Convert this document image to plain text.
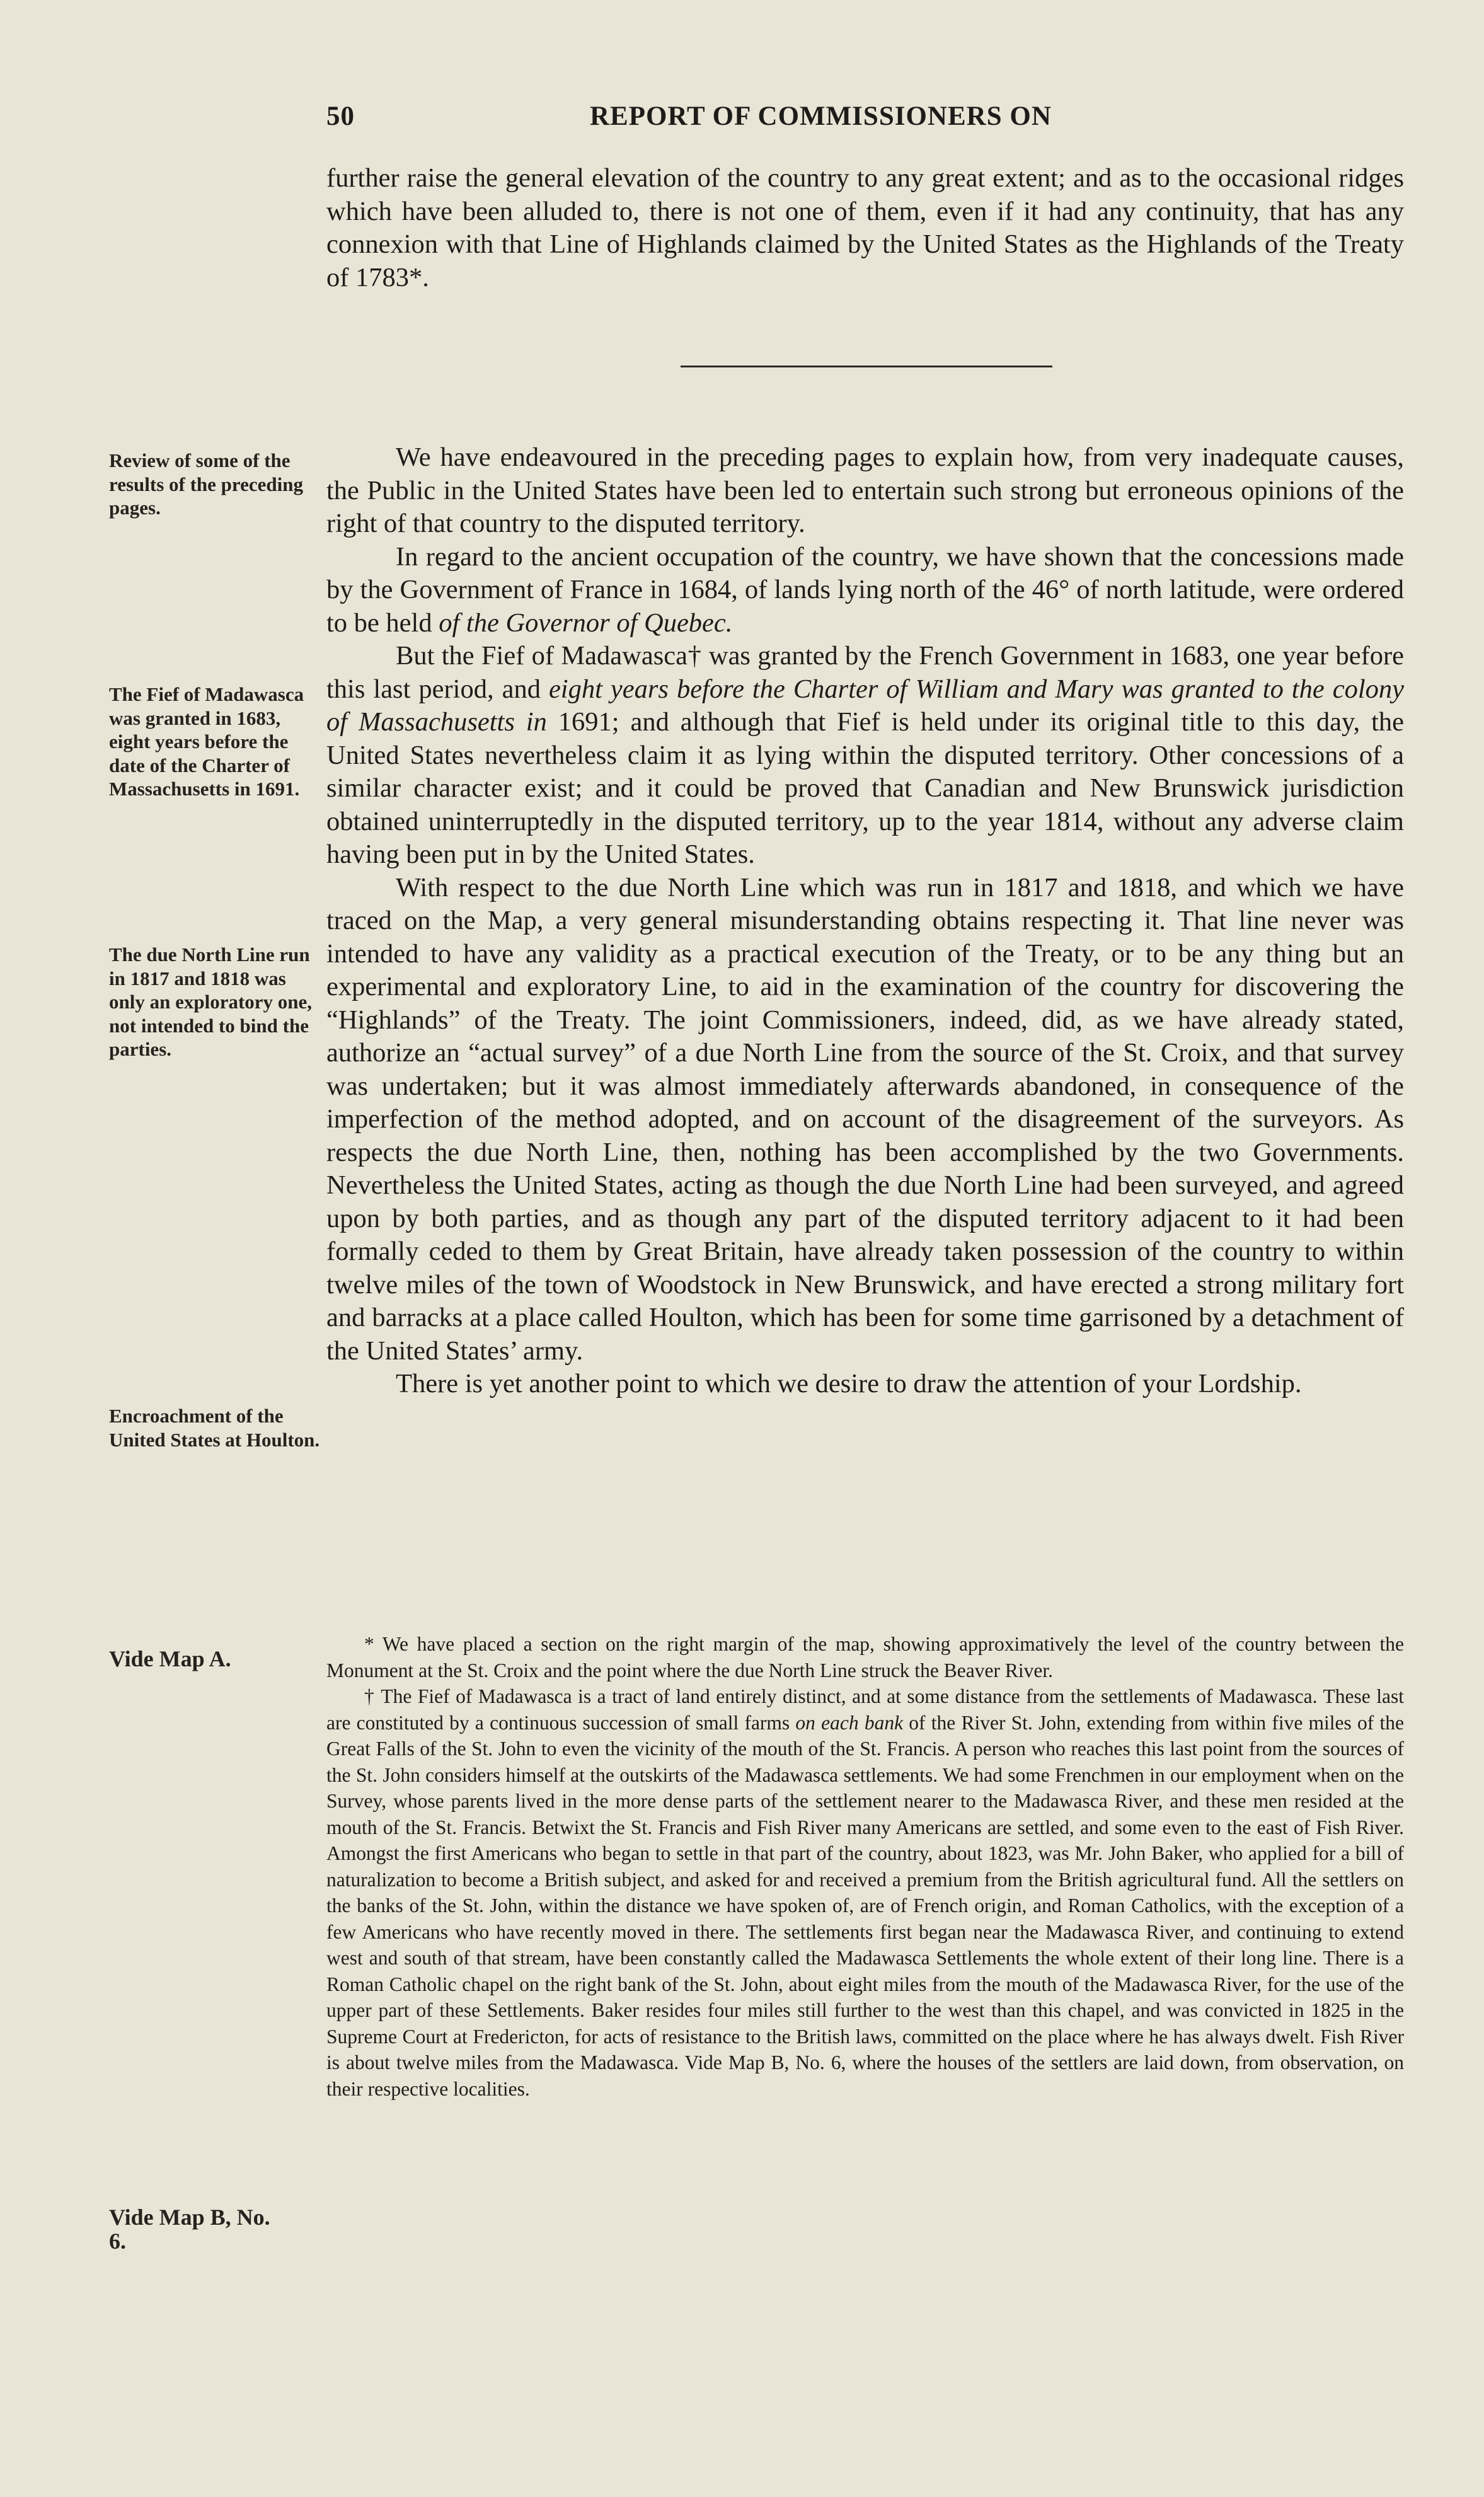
50	REPORT OF COMMISSIONERS ON

further raise the general elevation of the country to any great extent; and as to the occasional ridges which have been alluded to, there is not one of them, even if it had any continuity, that has any connexion with that Line of Highlands claimed by the United States as the Highlands of the Treaty of 1783*.

We have endeavoured in the preceding pages to explain how, from very inadequate causes, the Public in the United States have been led to entertain such strong but erroneous opinions of the right of that country to the disputed territory.

In regard to the ancient occupation of the country, we have shown that the concessions made by the Government of France in 1684, of lands lying north of the 46° of north latitude, were ordered to be held of the Governor of Quebec.

But the Fief of Madawasca† was granted by the French Government in 1683, one year before this last period, and eight years before the Charter of William and Mary was granted to the colony of Massachusetts in 1691; and although that Fief is held under its original title to this day, the United States nevertheless claim it as lying within the disputed territory. Other concessions of a similar character exist; and it could be proved that Canadian and New Brunswick jurisdiction obtained uninterruptedly in the disputed territory, up to the year 1814, without any adverse claim having been put in by the United States.

With respect to the due North Line which was run in 1817 and 1818, and which we have traced on the Map, a very general misunderstanding obtains respecting it. That line never was intended to have any validity as a practical execution of the Treaty, or to be any thing but an experimental and exploratory Line, to aid in the examination of the country for discovering the “Highlands” of the Treaty. The joint Commissioners, indeed, did, as we have already stated, authorize an “actual survey” of a due North Line from the source of the St. Croix, and that survey was undertaken; but it was almost immediately afterwards abandoned, in consequence of the imperfection of the method adopted, and on account of the disagreement of the surveyors. As respects the due North Line, then, nothing has been accomplished by the two Governments. Nevertheless the United States, acting as though the due North Line had been surveyed, and agreed upon by both parties, and as though any part of the disputed territory adjacent to it had been formally ceded to them by Great Britain, have already taken possession of the country to within twelve miles of the town of Woodstock in New Brunswick, and have erected a strong military fort and barracks at a place called Houlton, which has been for some time garrisoned by a detachment of the United States’ army.

There is yet another point to which we desire to draw the attention of your Lordship.

Review of some of the results of the preceding pages.
The Fief of Madawasca was granted in 1683, eight years before the date of the Charter of Massachusetts in 1691.
The due North Line run in 1817 and 1818 was only an exploratory one, not intended to bind the parties.
Encroachment of the United States at Houlton.
Vide Map A.
Vide Map B, No. 6.

* We have placed a section on the right margin of the map, showing approximatively the level of the country between the Monument at the St. Croix and the point where the due North Line struck the Beaver River.

† The Fief of Madawasca is a tract of land entirely distinct, and at some distance from the settlements of Madawasca. These last are constituted by a continuous succession of small farms on each bank of the River St. John, extending from within five miles of the Great Falls of the St. John to even the vicinity of the mouth of the St. Francis. A person who reaches this last point from the sources of the St. John considers himself at the outskirts of the Madawasca settlements. We had some Frenchmen in our employment when on the Survey, whose parents lived in the more dense parts of the settlement nearer to the Madawasca River, and these men resided at the mouth of the St. Francis. Betwixt the St. Francis and Fish River many Americans are settled, and some even to the east of Fish River. Amongst the first Americans who began to settle in that part of the country, about 1823, was Mr. John Baker, who applied for a bill of naturalization to become a British subject, and asked for and received a premium from the British agricultural fund. All the settlers on the banks of the St. John, within the distance we have spoken of, are of French origin, and Roman Catholics, with the exception of a few Americans who have recently moved in there. The settlements first began near the Madawasca River, and continuing to extend west and south of that stream, have been constantly called the Madawasca Settlements the whole extent of their long line. There is a Roman Catholic chapel on the right bank of the St. John, about eight miles from the mouth of the Madawasca River, for the use of the upper part of these Settlements. Baker resides four miles still further to the west than this chapel, and was convicted in 1825 in the Supreme Court at Fredericton, for acts of resistance to the British laws, committed on the place where he has always dwelt. Fish River is about twelve miles from the Madawasca. Vide Map B, No. 6, where the houses of the settlers are laid down, from observation, on their respective localities.
